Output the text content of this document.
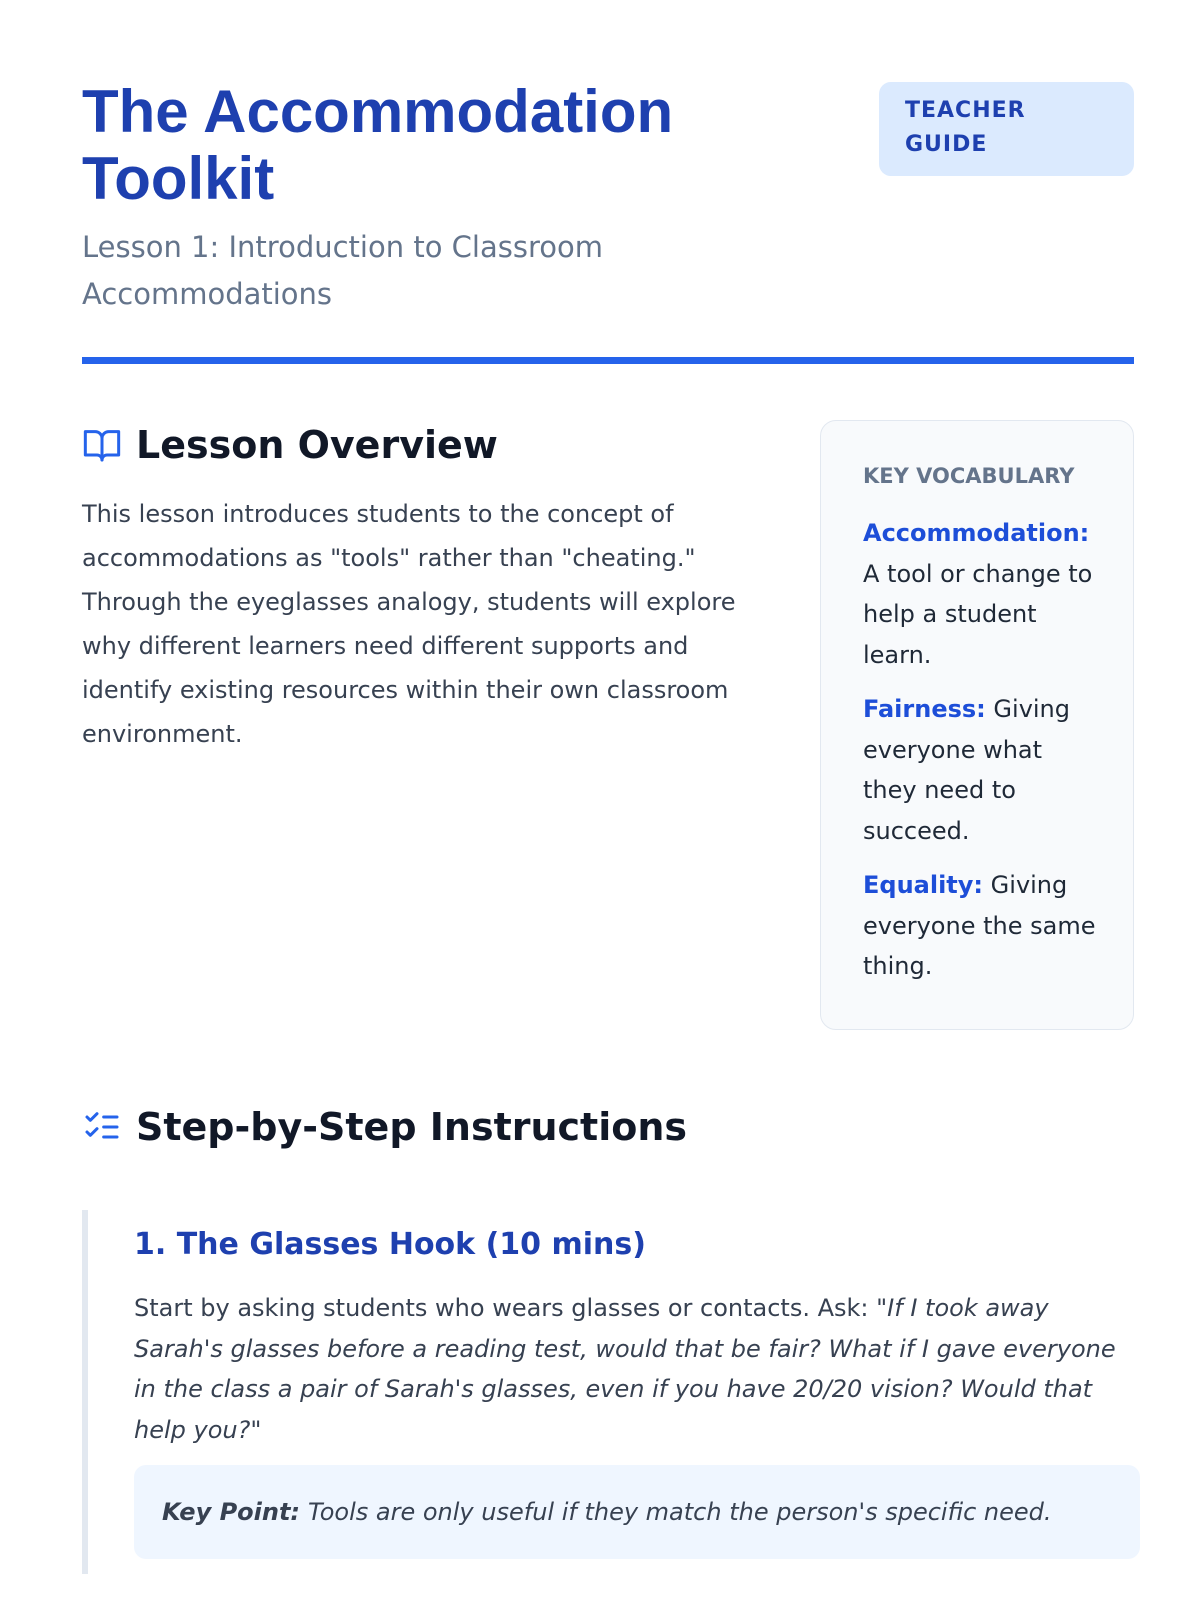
The Accommodation Toolkit

Lesson 1: Introduction to Classroom Accommodations

TEACHER GUIDE
Lesson Overview

This lesson introduces students to the concept of accommodations as "tools" rather than "cheating." Through the eyeglasses analogy, students will explore why different learners need different supports and identify existing resources within their own classroom environment.

KEY VOCABULARY
Accommodation: A tool or change to help a student learn.
Fairness: Giving everyone what they need to succeed.
Equality: Giving everyone the same thing.
Step-by-Step Instructions
1. The Glasses Hook (10 mins)

Start by asking students who wears glasses or contacts. Ask: "If I took away Sarah's glasses before a reading test, would that be fair? What if I gave everyone in the class a pair of Sarah's glasses, even if you have 20/20 vision? Would that help you?"

Key Point: Tools are only useful if they match the person's specific need.
